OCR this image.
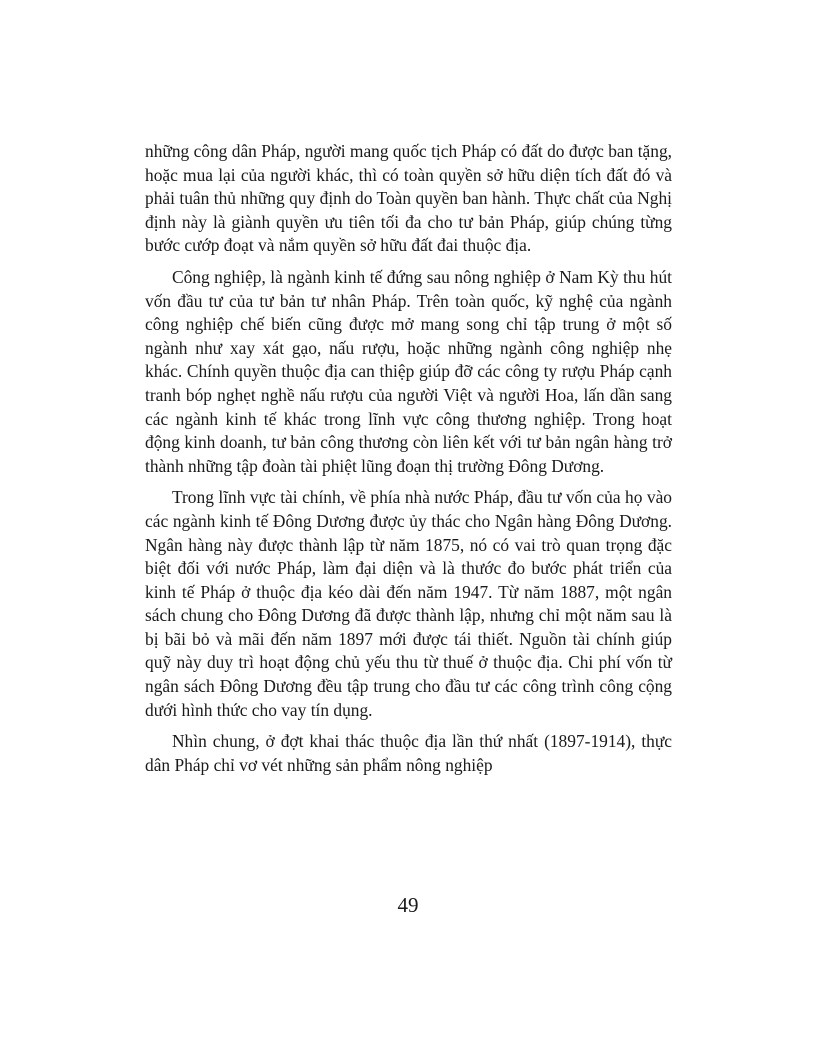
những công dân Pháp, người mang quốc tịch Pháp có đất do được ban tặng, hoặc mua lại của người khác, thì có toàn quyền sở hữu diện tích đất đó và phải tuân thủ những quy định do Toàn quyền ban hành. Thực chất của Nghị định này là giành quyền ưu tiên tối đa cho tư bản Pháp, giúp chúng từng bước cướp đoạt và nắm quyền sở hữu đất đai thuộc địa.

Công nghiệp, là ngành kinh tế đứng sau nông nghiệp ở Nam Kỳ thu hút vốn đầu tư của tư bản tư nhân Pháp. Trên toàn quốc, kỹ nghệ của ngành công nghiệp chế biến cũng được mở mang song chỉ tập trung ở một số ngành như xay xát gạo, nấu rượu, hoặc những ngành công nghiệp nhẹ khác. Chính quyền thuộc địa can thiệp giúp đỡ các công ty rượu Pháp cạnh tranh bóp nghẹt nghề nấu rượu của người Việt và người Hoa, lấn dần sang các ngành kinh tế khác trong lĩnh vực công thương nghiệp. Trong hoạt động kinh doanh, tư bản công thương còn liên kết với tư bản ngân hàng trở thành những tập đoàn tài phiệt lũng đoạn thị trường Đông Dương.

Trong lĩnh vực tài chính, về phía nhà nước Pháp, đầu tư vốn của họ vào các ngành kinh tế Đông Dương được ủy thác cho Ngân hàng Đông Dương. Ngân hàng này được thành lập từ năm 1875, nó có vai trò quan trọng đặc biệt đối với nước Pháp, làm đại diện và là thước đo bước phát triển của kinh tế Pháp ở thuộc địa kéo dài đến năm 1947. Từ năm 1887, một ngân sách chung cho Đông Dương đã được thành lập, nhưng chỉ một năm sau là bị bãi bỏ và mãi đến năm 1897 mới được tái thiết. Nguồn tài chính giúp quỹ này duy trì hoạt động chủ yếu thu từ thuế ở thuộc địa. Chi phí vốn từ ngân sách Đông Dương đều tập trung cho đầu tư các công trình công cộng dưới hình thức cho vay tín dụng.

Nhìn chung, ở đợt khai thác thuộc địa lần thứ nhất (1897-1914), thực dân Pháp chỉ vơ vét những sản phẩm nông nghiệp

49
